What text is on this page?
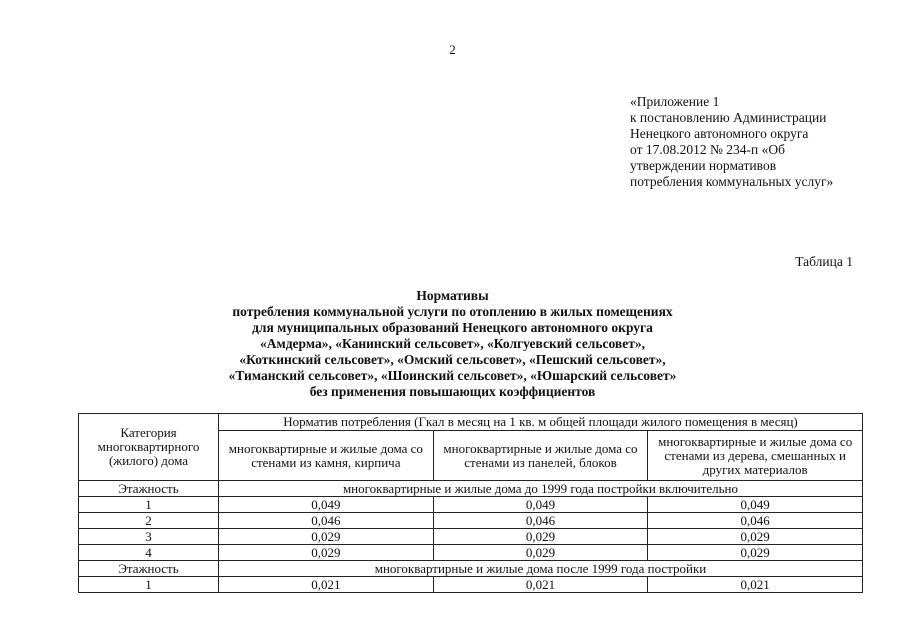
2
«Приложение 1
к постановлению Администрации
Ненецкого автономного округа
от 17.08.2012 № 234-п «Об
утверждении нормативов
потребления коммунальных услуг»
Таблица 1
Нормативы
потребления коммунальной услуги по отоплению в жилых помещениях
для муниципальных образований Ненецкого автономного округа
«Амдерма», «Канинский сельсовет», «Колгуевский сельсовет»,
«Коткинский сельсовет», «Омский сельсовет», «Пешский сельсовет»,
«Тиманский сельсовет», «Шоинский сельсовет», «Юшарский сельсовет»
без применения повышающих коэффициентов
Категория многоквартирного (жилого) дома	Норматив потребления (Гкал в месяц на 1 кв. м общей площади жилого помещения в месяц)		
	многоквартирные и жилые дома со стенами из камня, кирпича	многоквартирные и жилые дома со стенами из панелей, блоков	многоквартирные и жилые дома со стенами из дерева, смешанных и других материалов
Этажность	многоквартирные и жилые дома до 1999 года постройки включительно		
1	0,049	0,049	0,049
2	0,046	0,046	0,046
3	0,029	0,029	0,029
4	0,029	0,029	0,029
Этажность	многоквартирные и жилые дома после 1999 года постройки		
1	0,021	0,021	0,021
